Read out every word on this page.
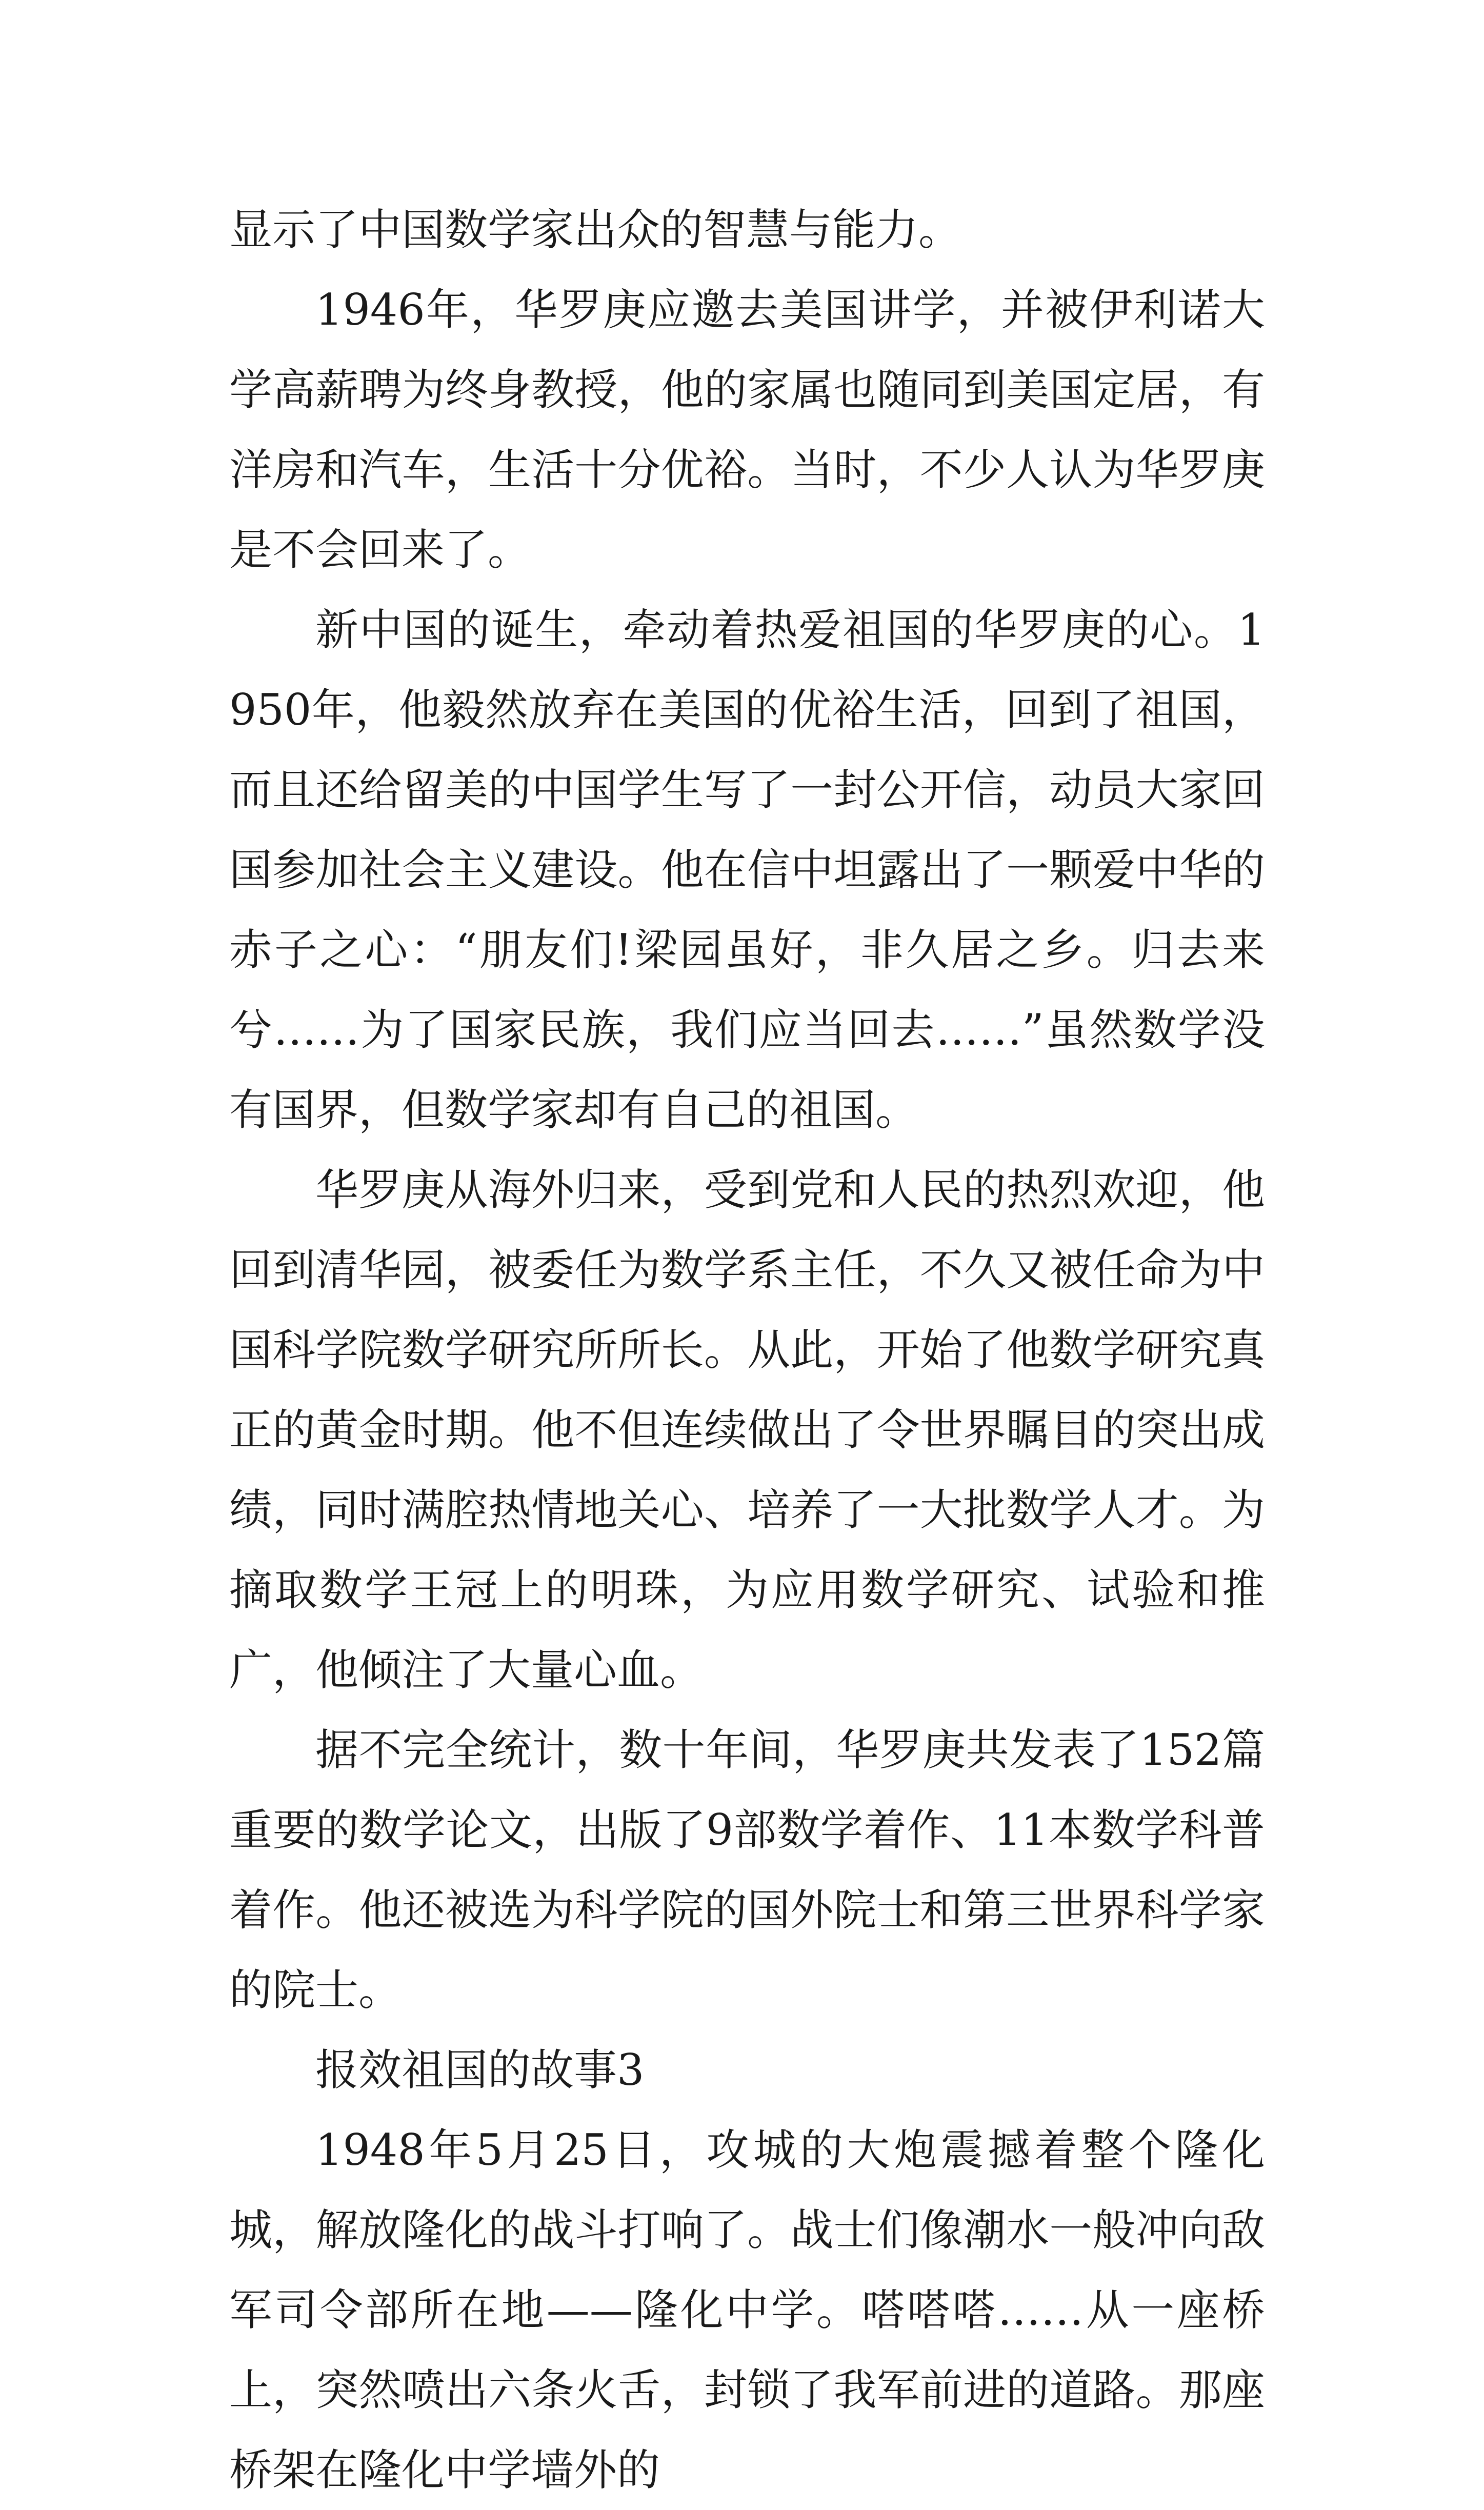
显示了中国数学家出众的智慧与能力。

1946年，华罗庚应邀去美国讲学，并被伊利诺大学高薪聘为终身教授，他的家属也随同到美国定居，有洋房和汽车，生活十分优裕。当时，不少人认为华罗庚是不会回来了。

新中国的诞生，牵动着热爱祖国的华罗庚的心。1950年，他毅然放弃在美国的优裕生活，回到了祖国，而且还给留美的中国学生写了一封公开信，动员大家回国参加社会主义建设。他在信中坦露出了一颗爱中华的赤子之心：“朋友们!梁园虽好，非久居之乡。归去来兮……为了国家民族，我们应当回去……”虽然数学没有国界，但数学家却有自己的祖国。

华罗庚从海外归来，受到党和人民的热烈欢迎，他回到清华园，被委任为数学系主任，不久又被任命为中国科学院数学研究所所长。从此，开始了他数学研究真正的黄金时期。他不但连续做出了令世界瞩目的突出成绩，同时满腔热情地关心、培养了一大批数学人才。为摘取数学王冠上的明珠，为应用数学研究、试验和推广，他倾注了大量心血。

据不完全统计，数十年间，华罗庚共发表了152篇重要的数学论文，出版了9部数学着作、11本数学科普着作。他还被选为科学院的国外院士和第三世界科学家的院士。

报效祖国的故事3

1948年5月25日，攻城的大炮震撼着整个隆化城，解放隆化的战斗打响了。战士们像潮水一般冲向敌军司令部所在地——隆化中学。嗒嗒嗒……从一座桥上，突然喷出六条火舌，封锁了我军前进的道路。那座桥架在隆化中学墙外的
